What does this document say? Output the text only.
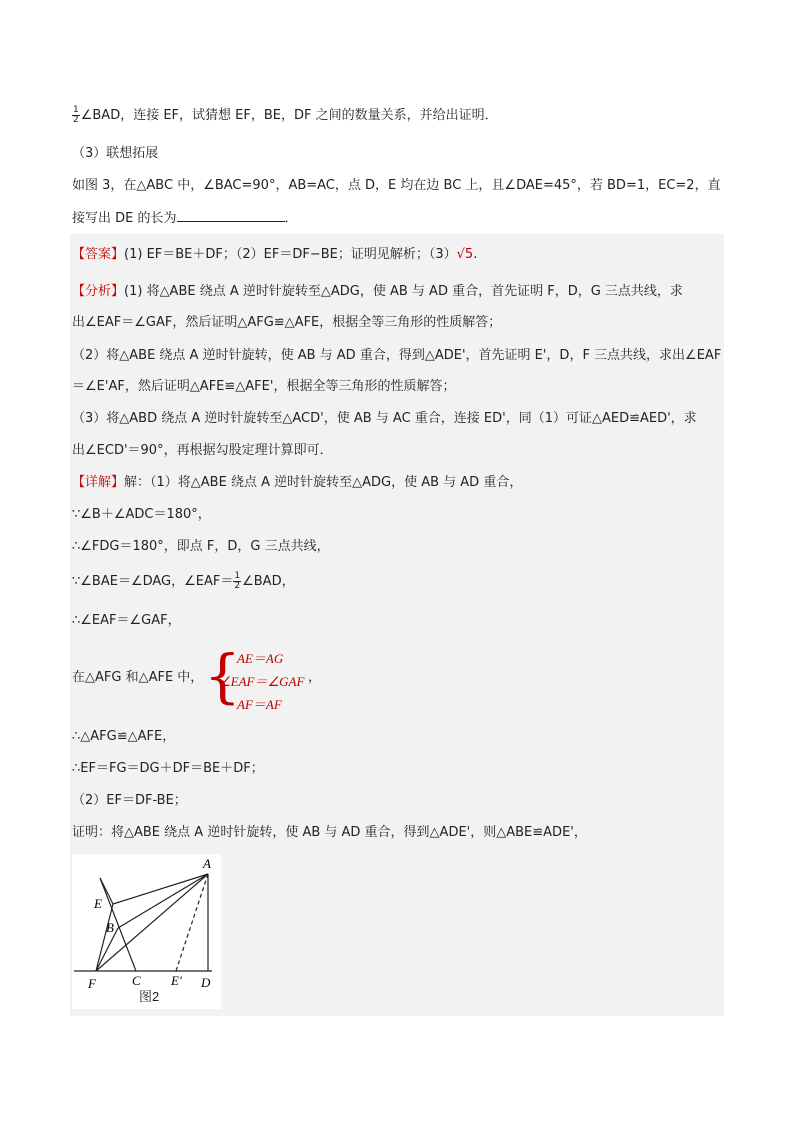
$\frac{1}{2}$ ∠BAD，连接 EF，试猜想 EF，BE，DF 之间的数量关系，并给出证明．
（3）联想拓展
如图 3，在△ABC 中，∠BAC=90°，AB=AC，点 D，E 均在边 BC 上，且∠DAE=45°，若 BD=1，EC=2，直
接写出 DE 的长为	．
【答案】(1) EF＝BE＋DF；（2）EF＝DF−BE；证明见解析；（3）√5.
【分析】(1) 将△ABE 绕点 A 逆时针旋转至△ADG，使 AB 与 AD 重合，首先证明 F，D，G 三点共线，求
出∠EAF＝∠GAF，然后证明△AFG≌△AFE，根据全等三角形的性质解答；
（2）将△ABE 绕点 A 逆时针旋转，使 AB 与 AD 重合，得到△ADE'，首先证明 E'，D，F 三点共线，求出∠EAF
＝∠E'AF，然后证明△AFE≌△AFE'，根据全等三角形的性质解答；
（3）将△ABD 绕点 A 逆时针旋转至△ACD'，使 AB 与 AC 重合，连接 ED'，同（1）可证△AED≌AED'，求
出∠ECD'＝90°，再根据勾股定理计算即可．
【详解】解：（1）将△ABE 绕点 A 逆时针旋转至△ADG，使 AB 与 AD 重合，
∵∠B＋∠ADC＝180°，
∴∠FDG＝180°，即点 F，D，G 三点共线，
∵∠BAE＝∠DAG，∠EAF＝ $\frac{1}{2}$ ∠BAD，
∴∠EAF＝∠GAF，
在△AFG 和△AFE 中， {
AE＝AG
∠EAF＝∠GAF
AF＝AF
，
∴△AFG≌△AFE，
∴EF＝FG＝DG＋DF＝BE＋DF；
（2）EF＝DF-BE；
证明：将△ABE 绕点 A 逆时针旋转，使 AB 与 AD 重合，得到△ADE'，则△ABE≌ADE'，
A
E
B
F	C E′ D
图2
